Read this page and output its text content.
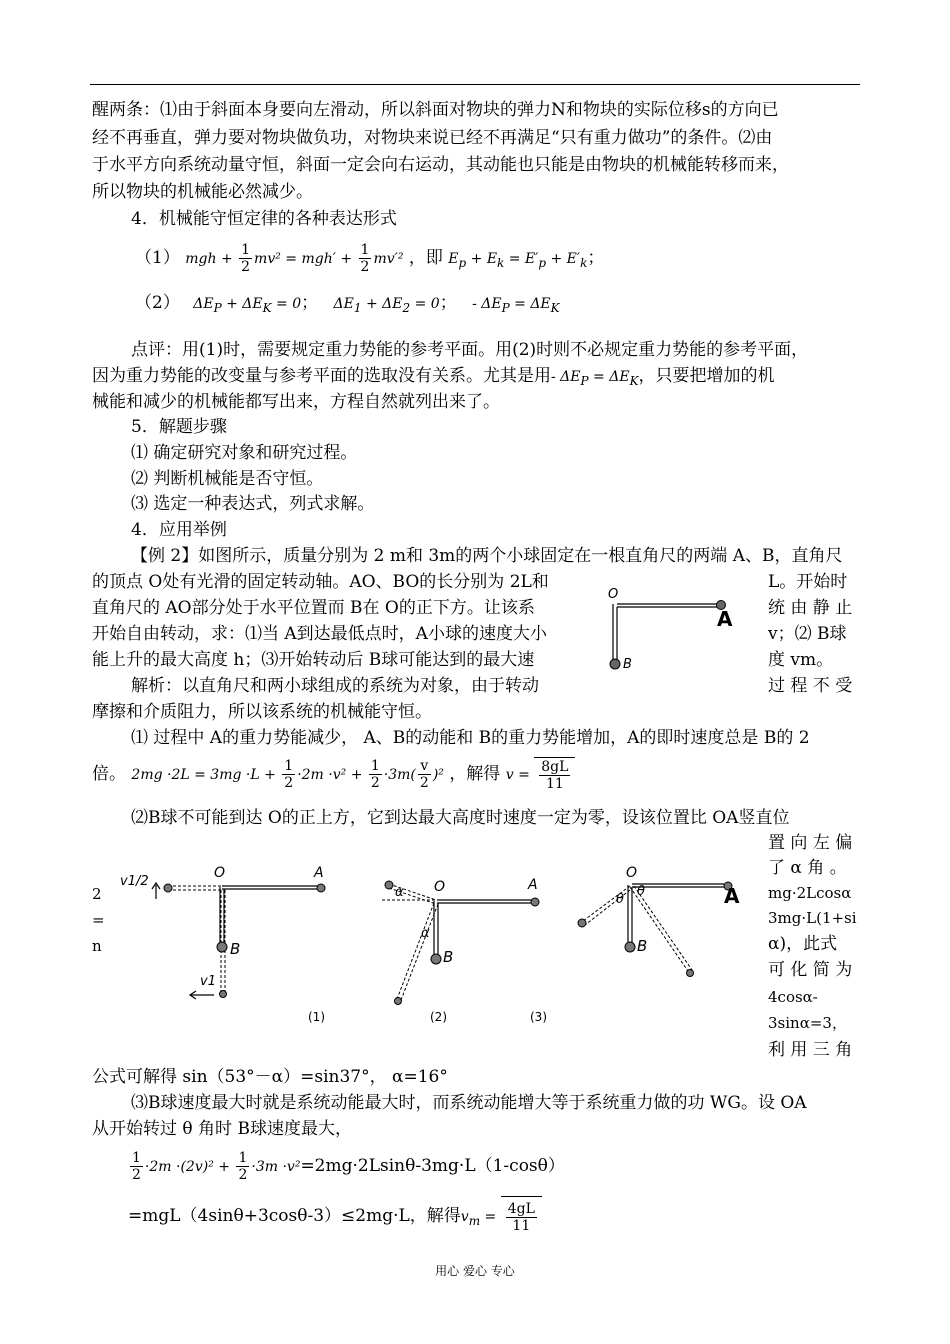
醒两条：⑴由于斜面本身要向左滑动，所以斜面对物块的弹力N和物块的实际位移s的方向已
经不再垂直，弹力要对物块做负功，对物块来说已经不再满足“只有重力做功”的条件。⑵由
于水平方向系统动量守恒，斜面一定会向右运动，其动能也只能是由物块的机械能转移而来，
所以物块的机械能必然减少。
4．机械能守恒定律的各种表达形式
（1） mgh + $\frac{1}{2} mv^2 = mgh' + \frac{1}{2} mv'^2$ ，即 $E_p + E_k = E'_p + E'_k$；
（2） $\Delta E_P + \Delta E_K = 0$； $\Delta E_1 + \Delta E_2 = 0$； - $\Delta E_P = \Delta E_K$
点评：用(1)时，需要规定重力势能的参考平面。用(2)时则不必规定重力势能的参考平面，
因为重力势能的改变量与参考平面的选取没有关系。尤其是用- $\Delta E_P = \Delta E_K$，只要把增加的机
械能和减少的机械能都写出来，方程自然就列出来了。
5．解题步骤
⑴ 确定研究对象和研究过程。
⑵ 判断机械能是否守恒。
⑶ 选定一种表达式，列式求解。
4．应用举例
【例 2】如图所示，质量分别为 2 m和 3m的两个小球固定在一根直角尺的两端 A、B，直角尺
的顶点 O处有光滑的固定转动轴。AO、BO的长分别为 2L和	L。开始时
直角尺的 AO部分处于水平位置而 B在 O的正下方。让该系	统 由 静 止
开始自由转动，求：⑴当 A到达最低点时，A小球的速度大小	v；⑵ B球
能上升的最大高度 h；⑶开始转动后 B球可能达到的最大速	度 vm。
解析：以直角尺和两小球组成的系统为对象，由于转动	过 程 不 受
摩擦和介质阻力，所以该系统的机械能守恒。
O
A
B
⑴ 过程中 A的重力势能减少， A、B的动能和 B的重力势能增加，A的即时速度总是 B的 2
倍。 $2mg \cdot 2L = 3mg \cdot L + \frac{1}{2} \cdot 2m \cdot v^2 + \frac{1}{2} \cdot 3m( \frac{v}{2} )^2$ ，解得 $v = \frac{8gL}{11}$
⑵B球不可能到达 O的正上方，它到达最大高度时速度一定为零，设该位置比 OA竖直位
置 向 左 偏
了 α 角 。
mg·2Lcosα
3mg·L(1+si
α)，此式
可 化 简 为
4cosα-
3sinα=3，
利 用 三 角
2
=
n
O	A
B
v1/2
v1
(1)
O	A
B
α
α
(2)	(3)
O
A
B
θ
θ
公式可解得 sin（53°－α）=sin37°， α=16°
⑶B球速度最大时就是系统动能最大时，而系统动能增大等于系统重力做的功 WG。设 OA
从开始转过 θ 角时 B球速度最大，
$\frac{1}{2} \cdot 2m \cdot(2v)^2 + \frac{1}{2} \cdot 3m \cdot v^2=2mg\cdot 2Lsin\theta-3mg\cdot L(1-\cos\theta)$
=mgL（4sinθ+3cosθ-3）≤2mg·L，解得$v_m = \frac{4gL}{11}$
用心 爱心 专心
